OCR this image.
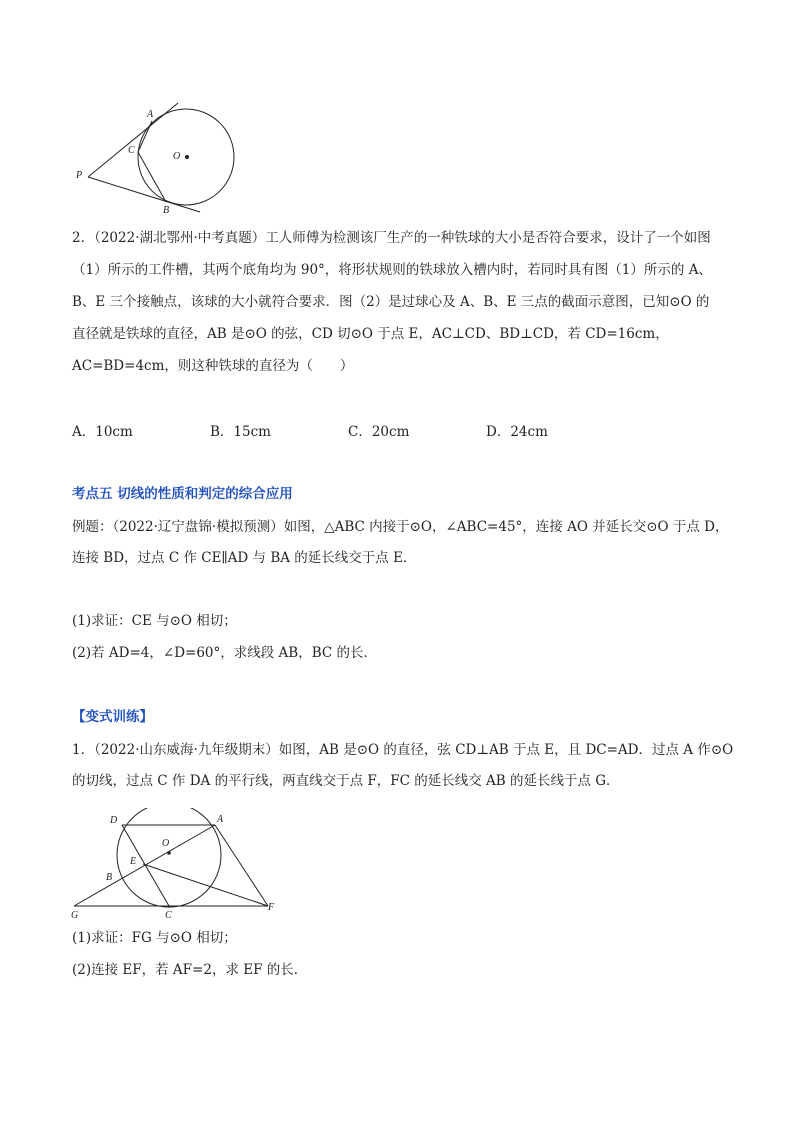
A
C
O
P
B
2．（2022·湖北鄂州·中考真题）工人师傅为检测该厂生产的一种铁球的大小是否符合要求，设计了一个如图
（1）所示的工件槽，其两个底角均为 90°，将形状规则的铁球放入槽内时，若同时具有图（1）所示的 A、
B、E 三个接触点，该球的大小就符合要求．图（2）是过球心及 A、B、E 三点的截面示意图，已知⊙O 的
直径就是铁球的直径，AB 是⊙O 的弦，CD 切⊙O 于点 E，AC⊥CD、BD⊥CD，若 CD=16cm，
AC=BD=4cm，则这种铁球的直径为（　　）
A．10cm	B．15cm	C．20cm	D．24cm
考点五 切线的性质和判定的综合应用
例题：（2022·辽宁盘锦·模拟预测）如图，△ABC 内接于⊙O，∠ABC=45°，连接 AO 并延长交⊙O 于点 D，
连接 BD，过点 C 作 CE∥AD 与 BA 的延长线交于点 E．
(1)求证：CE 与⊙O 相切；
(2)若 AD=4，∠D=60°，求线段 AB，BC 的长．
【变式训练】
1．（2022·山东威海·九年级期末）如图，AB 是⊙O 的直径，弦 CD⊥AB 于点 E，且 DC=AD．过点 A 作⊙O
的切线，过点 C 作 DA 的平行线，两直线交于点 F，FC 的延长线交 AB 的延长线于点 G．
D	A
O
E
B
G	C
F
(1)求证：FG 与⊙O 相切；
(2)连接 EF，若 AF=2，求 EF 的长．
